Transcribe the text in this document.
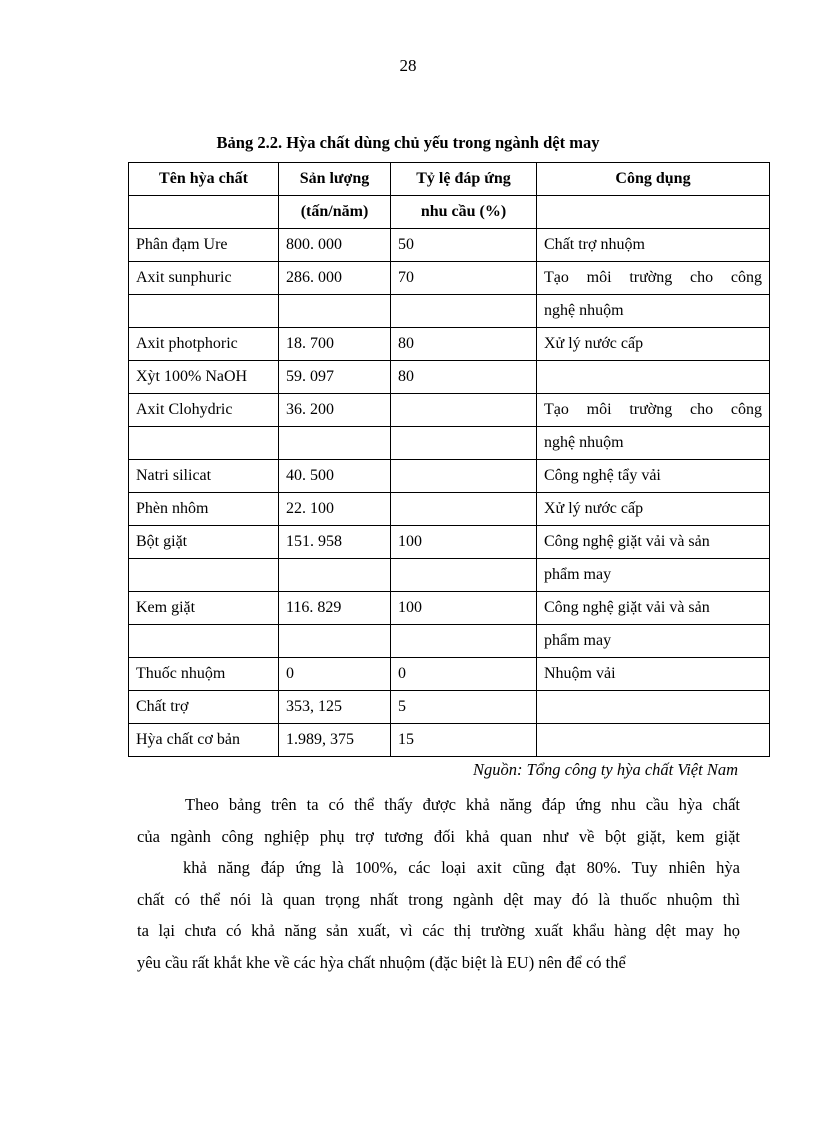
28
Bảng 2.2. Hỳa chất dùng chủ yếu trong ngành dệt may
Tên hỳa chất	Sản lượng	Tỷ lệ đáp ứng	Công dụng
	(tấn/năm)	nhu cầu (%)	
Phân đạm Ure	800. 000	50	Chất trợ nhuộm
Axit sunphuric	286. 000	70	Tạo môi trường cho công
			nghệ nhuộm
Axit photphoric	18. 700	80	Xử lý nước cấp
Xỳt 100% NaOH	59. 097	80	
Axit Clohydric	36. 200		Tạo môi trường cho công
			nghệ nhuộm
Natri silicat	40. 500		Công nghệ tẩy vải
Phèn nhôm	22. 100		Xử lý nước cấp
Bột giặt	151. 958	100	Công nghệ giặt vải và sản
			phẩm may
Kem giặt	116. 829	100	Công nghệ giặt vải và sản
			phẩm may
Thuốc nhuộm	0	0	Nhuộm vải
Chất trợ	353, 125	5	
Hỳa chất cơ bản	1.989, 375	15	
Nguồn: Tổng công ty hỳa chất Việt Nam
Theo bảng trên ta có thể thấy được khả năng đáp ứng nhu cầu hỳa chất
của ngành công nghiệp phụ trợ tương đối khả quan như về bột giặt, kem giặt
khả năng đáp ứng là 100%, các loại axit cũng đạt 80%. Tuy nhiên hỳa
chất có thể nói là quan trọng nhất trong ngành dệt may đó là thuốc nhuộm thì
ta lại chưa có khả năng sản xuất, vì các thị trường xuất khẩu hàng dệt may họ
yêu cầu rất khắt khe về các hỳa chất nhuộm (đặc biệt là EU) nên để có thể
